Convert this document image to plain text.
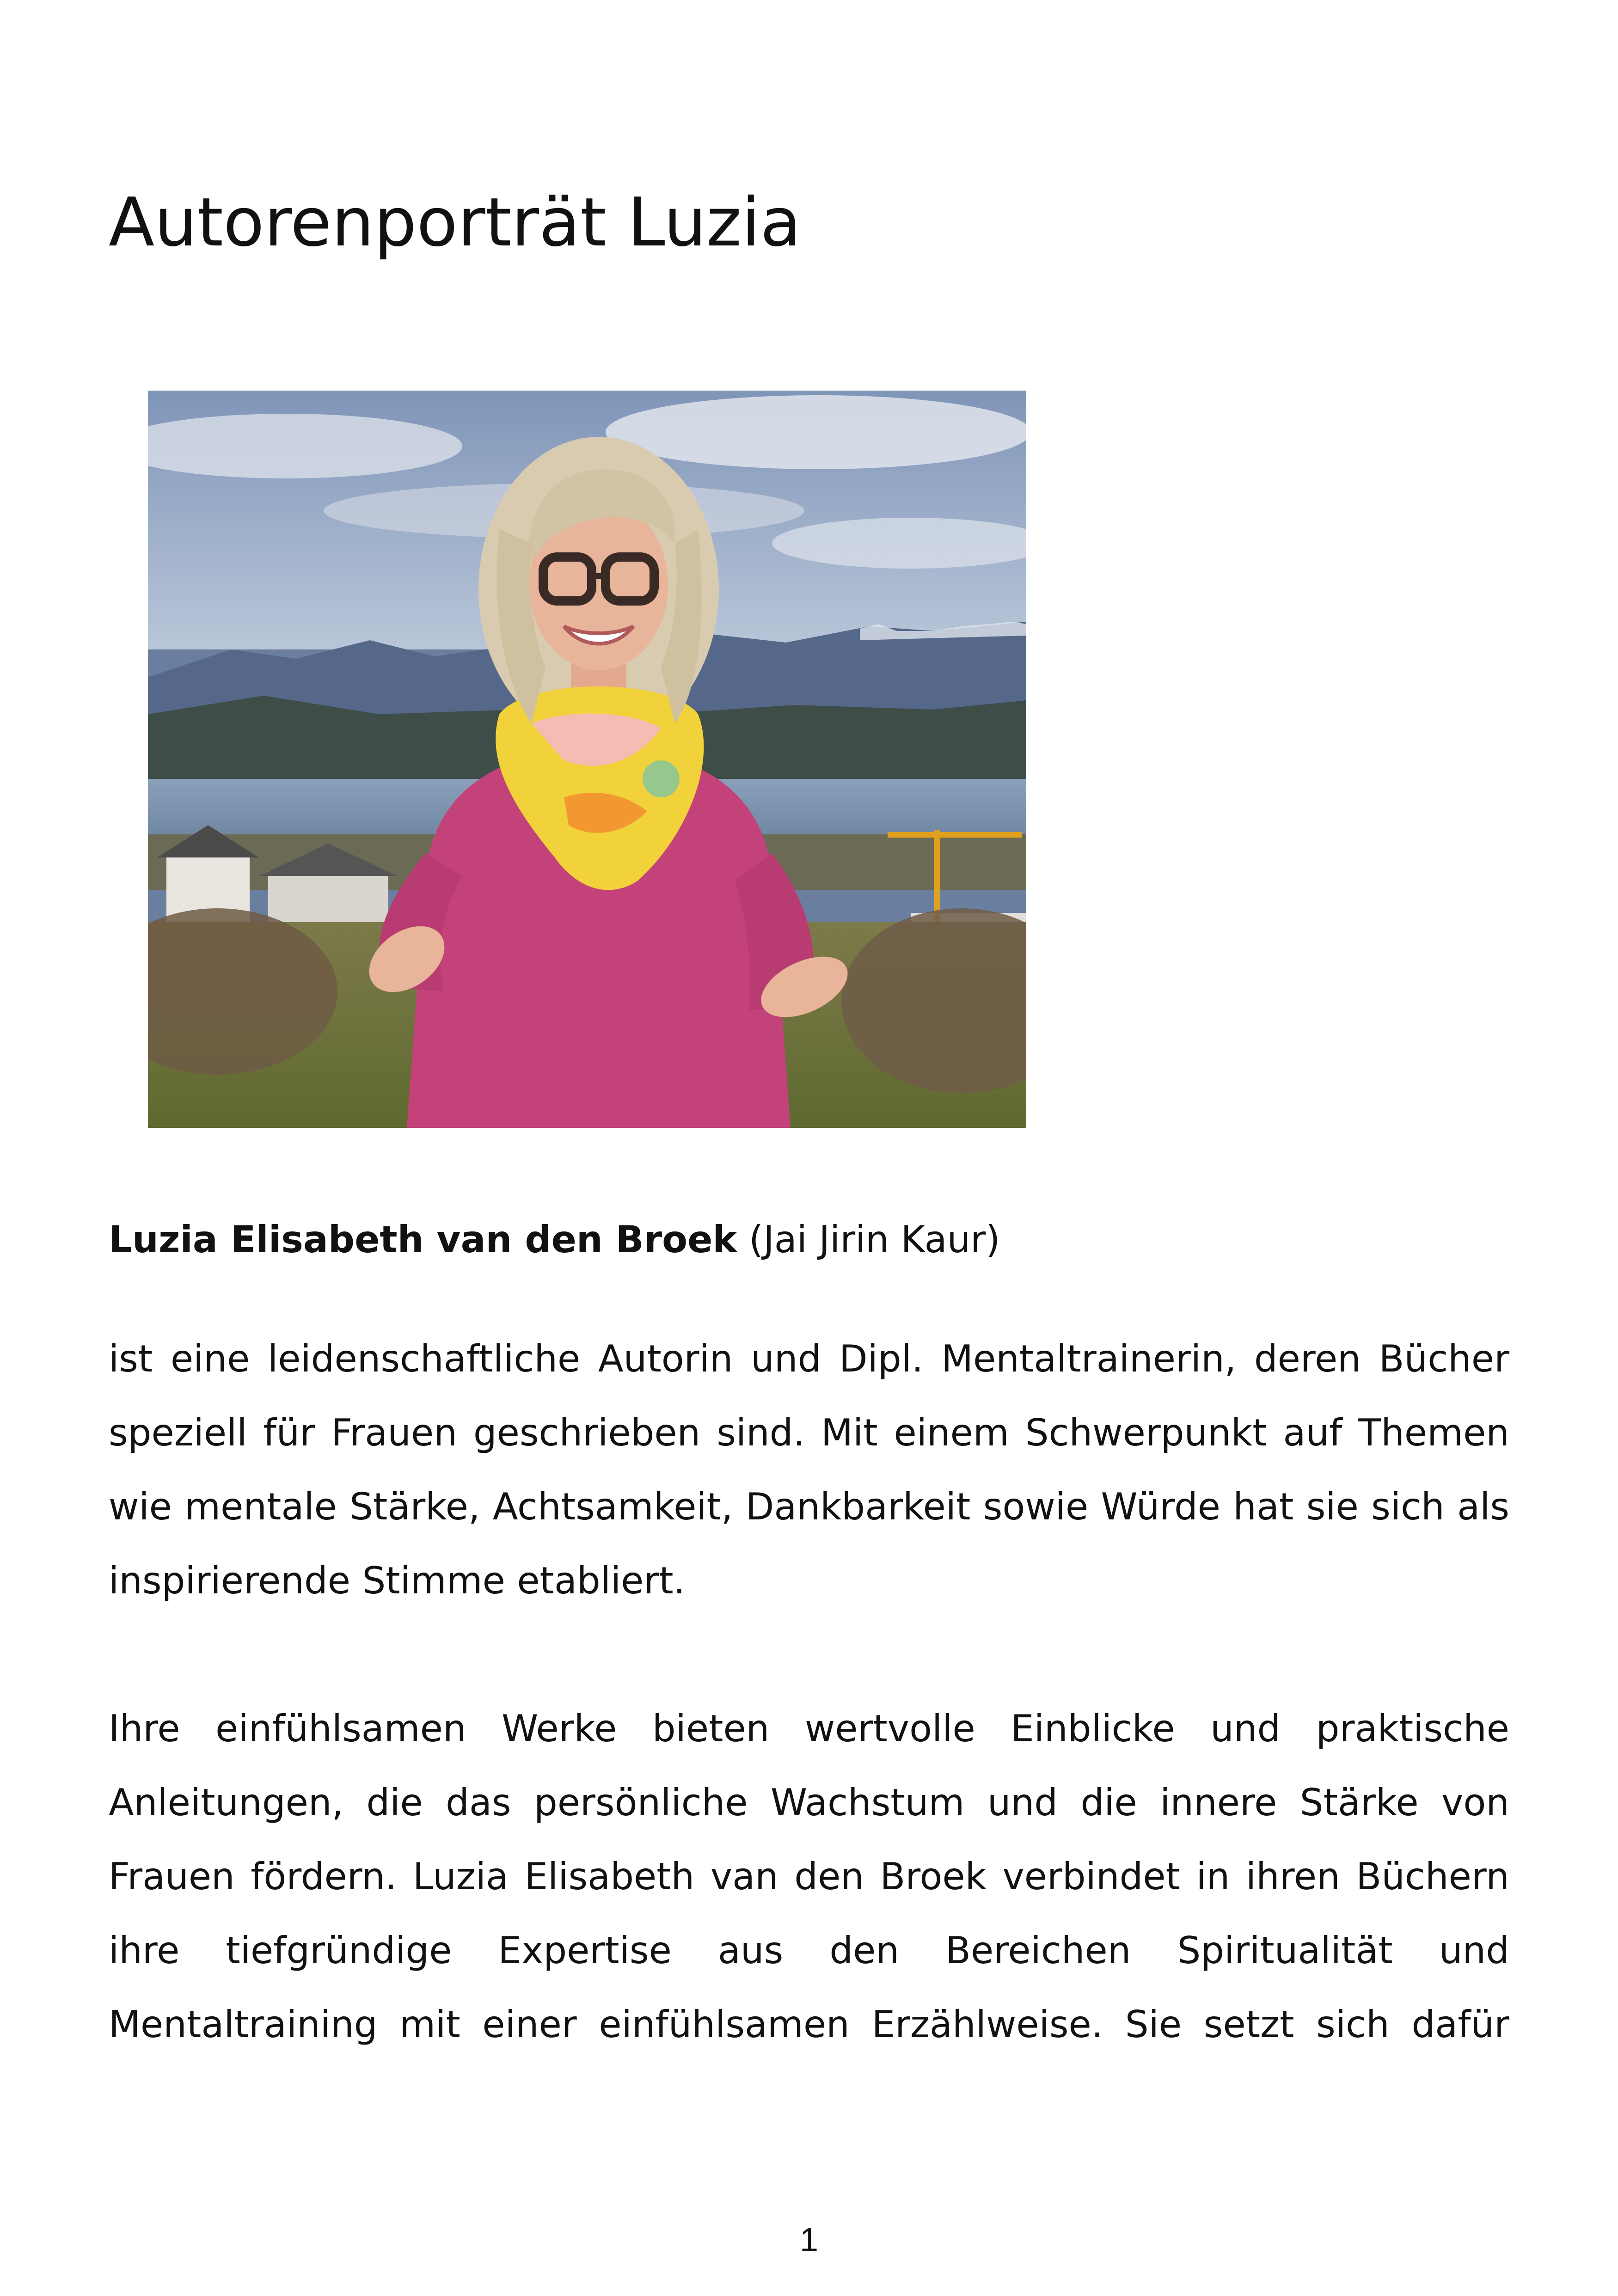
Autorenporträt Luzia

Luzia Elisabeth van den Broek (Jai Jirin Kaur)

ist eine leidenschaftliche Autorin und Dipl. Mentaltrainerin, deren Bücher speziell für Frauen geschrieben sind. Mit einem Schwerpunkt auf Themen wie mentale Stärke, Achtsamkeit, Dankbarkeit sowie Würde hat sie sich als inspirierende Stimme etabliert.

Ihre einfühlsamen Werke bieten wertvolle Einblicke und praktische Anleitungen, die das persönliche Wachstum und die innere Stärke von Frauen fördern. Luzia Elisabeth van den Broek verbindet in ihren Büchern ihre tiefgründige Expertise aus den Bereichen Spiritualität und Mentaltraining mit einer einfühlsamen Erzählweise. Sie setzt sich dafür

1
